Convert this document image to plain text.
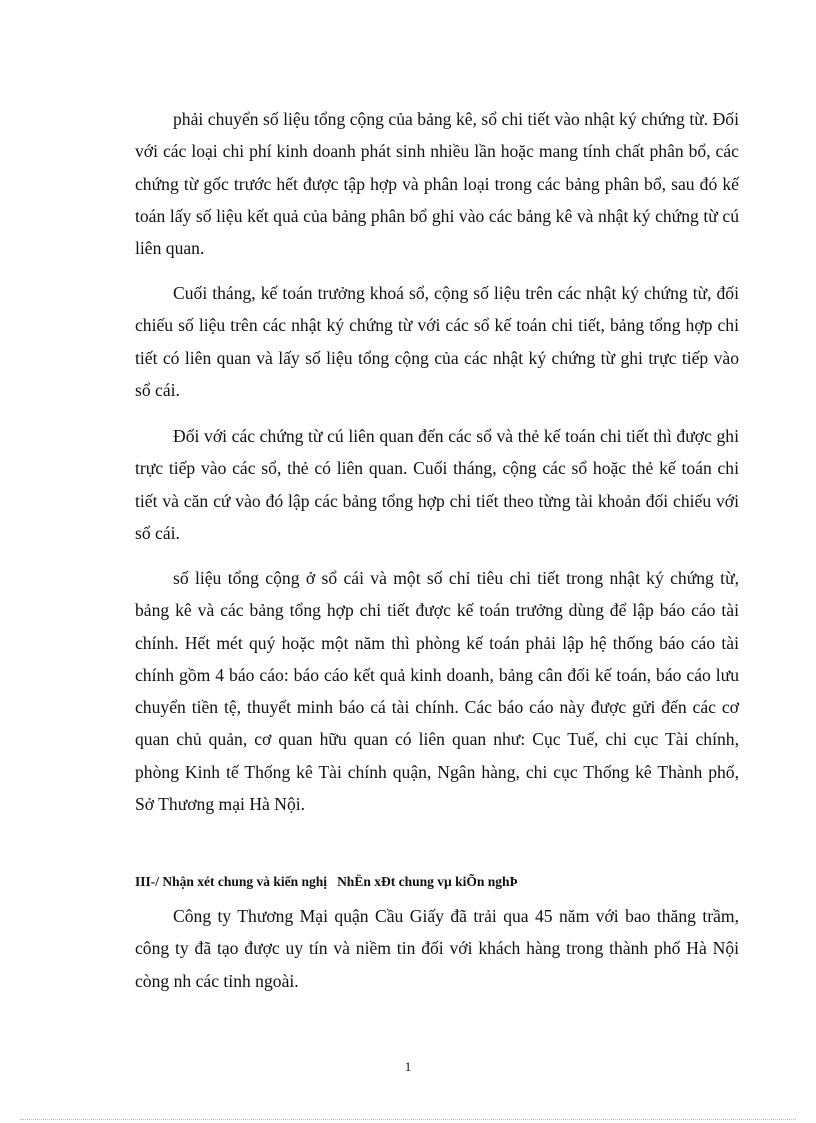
phải chuyển số liệu tổng cộng của bảng kê, sổ chi tiết vào nhật ký chứng từ. Đối với các loại chi phí kinh doanh phát sinh nhiều lần hoặc mang tính chất phân bổ, các chứng từ gốc trước hết được tập hợp và phân loại trong các bảng phân bổ, sau đó kế toán lấy số liệu kết quả của bảng phân bổ ghi vào các bảng kê và nhật ký chứng từ cú liên quan.

Cuối tháng, kế toán trưởng khoá sổ, cộng số liệu trên các nhật ký chứng từ, đối chiếu số liệu trên các nhật ký chứng từ với các sổ kế toán chi tiết, bảng tổng hợp chi tiết có liên quan và lấy số liệu tổng cộng của các nhật ký chứng từ ghi trực tiếp vào sổ cái.

Đối với các chứng từ cú liên quan đến các sổ và thẻ kế toán chi tiết thì được ghi trực tiếp vào các sổ, thẻ có liên quan. Cuối tháng, cộng các sổ hoặc thẻ kế toán chi tiết và căn cứ vào đó lập các bảng tổng hợp chi tiết theo từng tài khoản đối chiếu với sổ cái.

số liệu tổng cộng ở sổ cái và một số chỉ tiêu chi tiết trong nhật ký chứng từ, bảng kê và các bảng tổng hợp chi tiết được kế toán trưởng dùng để lập báo cáo tài chính. Hết mét quý hoặc một năm thì phòng kế toán phải lập hệ thống báo cáo tài chính gồm 4 báo cáo: báo cáo kết quả kinh doanh, bảng cân đối kế toán, báo cáo lưu chuyển tiền tệ, thuyết minh báo cá tài chính. Các báo cáo này được gửi đến các cơ quan chủ quản, cơ quan hữu quan có liên quan như: Cục Tuế, chi cục Tài chính, phòng Kinh tế Thống kê Tài chính quận, Ngân hàng, chi cục Thống kê Thành phố, Sở Thương mại Hà Nội.

III-/ Nhận xét chung và kiến nghị NhËn xÐt chung vµ kiÕn nghÞ

Công ty Thương Mại quận Cầu Giấy đã trải qua 45 năm với bao thăng trầm, công ty đã tạo được uy tín và niềm tin đối với khách hàng trong thành phố Hà Nội còng nh các tỉnh ngoài.

1
